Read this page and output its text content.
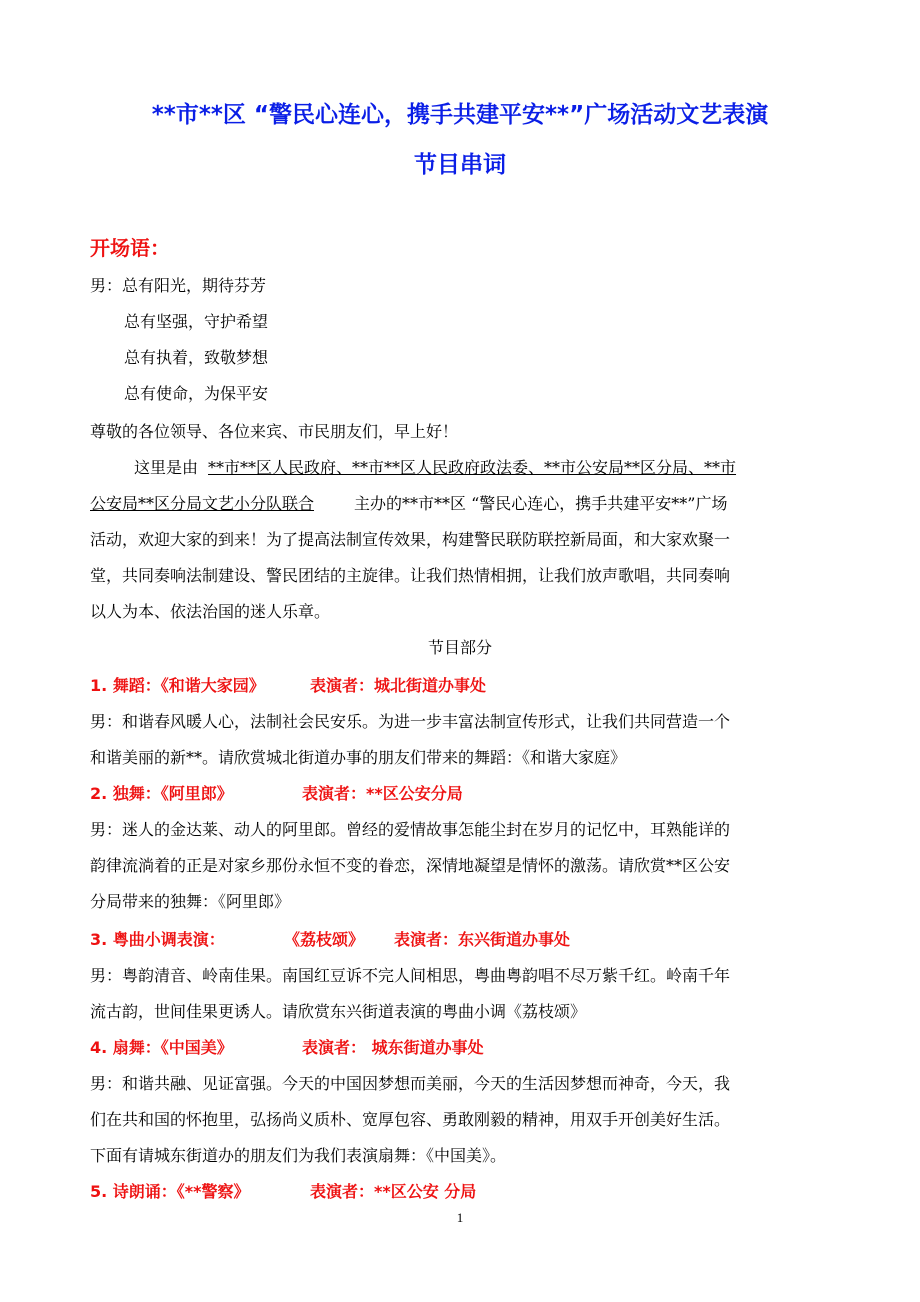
**市**区 “警民心连心，携手共建平安**”广场活动文艺表演
节目串词
开场语：
男：总有阳光，期待芬芳
总有坚强，守护希望
总有执着，致敬梦想
总有使命，为保平安
尊敬的各位领导、各位来宾、市民朋友们，早上好！
这里是由 **市**区人民政府、**市**区人民政府政法委、**市公安局**区分局、**市
公安局**区分局文艺小分队联合	主办的**市**区 “警民心连心，携手共建平安**”广场
活动，欢迎大家的到来！为了提高法制宣传效果，构建警民联防联控新局面，和大家欢聚一
堂，共同奏响法制建设、警民团结的主旋律。让我们热情相拥，让我们放声歌唱，共同奏响
以人为本、依法治国的迷人乐章。
节目部分
1. 舞蹈：《和谐大家园》	表演者：城北街道办事处
男：和谐春风暖人心，法制社会民安乐。为进一步丰富法制宣传形式，让我们共同营造一个
和谐美丽的新**。请欣赏城北街道办事的朋友们带来的舞蹈：《和谐大家庭》
2. 独舞：《阿里郎》	表演者：**区公安分局
男：迷人的金达莱、动人的阿里郎。曾经的爱情故事怎能尘封在岁月的记忆中，耳熟能详的
韵律流淌着的正是对家乡那份永恒不变的眷恋，深情地凝望是情怀的激荡。请欣赏**区公安
分局带来的独舞：《阿里郎》
3. 粤曲小调表演：	《荔枝颂》 表演者：东兴街道办事处
男：粤韵清音、岭南佳果。南国红豆诉不完人间相思，粤曲粤韵唱不尽万紫千红。岭南千年
流古韵，世间佳果更诱人。请欣赏东兴街道表演的粤曲小调《荔枝颂》
4. 扇舞：《中国美》	表演者： 城东街道办事处
男：和谐共融、见证富强。今天的中国因梦想而美丽，今天的生活因梦想而神奇，今天，我
们在共和国的怀抱里，弘扬尚义质朴、宽厚包容、勇敢刚毅的精神，用双手开创美好生活。
下面有请城东街道办的朋友们为我们表演扇舞：《中国美》。
5. 诗朗诵：《**警察》	表演者：**区公安 分局
1
